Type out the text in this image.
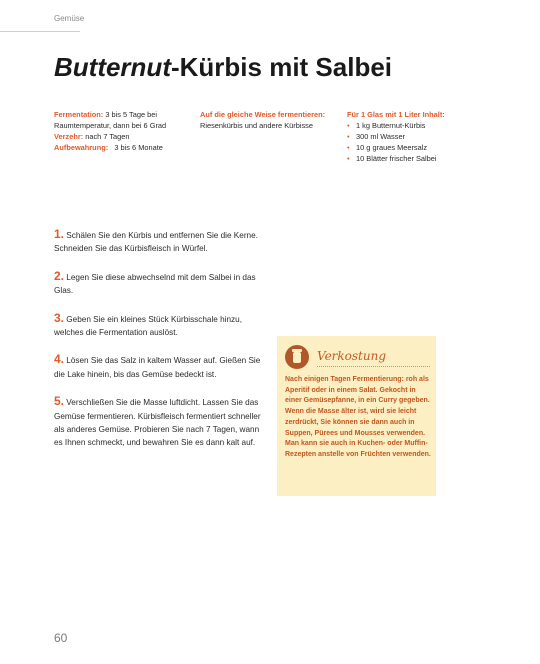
Gemüse
Butternut-Kürbis mit Salbei
Fermentation: 3 bis 5 Tage bei Raumtemperatur, dann bei 6 Grad
Verzehr: nach 7 Tagen
Aufbewahrung: 3 bis 6 Monate
Auf die gleiche Weise fermentieren: Riesenkürbis und andere Kürbisse
Für 1 Glas mit 1 Liter Inhalt:
• 1 kg Butternut-Kürbis
• 300 ml Wasser
• 10 g graues Meersalz
• 10 Blätter frischer Salbei

1. Schälen Sie den Kürbis und entfernen Sie die Kerne. Schneiden Sie das Kürbisfleisch in Würfel.

2. Legen Sie diese abwechselnd mit dem Salbei in das Glas.

3. Geben Sie ein kleines Stück Kürbisschale hinzu, welches die Fermentation auslöst.

4. Lösen Sie das Salz in kaltem Wasser auf. Gießen Sie die Lake hinein, bis das Gemüse bedeckt ist.

5. Verschließen Sie die Masse luftdicht. Lassen Sie das Gemüse fermentieren. Kürbisfleisch fermentiert schneller als anderes Gemüse. Probieren Sie nach 7 Tagen, wann es Ihnen schmeckt, und bewahren Sie es dann kalt auf.

Verkostung
Nach einigen Tagen Fermentierung: roh als Aperitif oder in einem Salat. Gekocht in einer Gemüsepfanne, in ein Curry gegeben. Wenn die Masse älter ist, wird sie leicht zerdrückt, Sie können sie dann auch in Suppen, Pürees und Mousses verwenden. Man kann sie auch in Kuchen- oder Muffin-Rezepten anstelle von Früchten verwenden.
60
